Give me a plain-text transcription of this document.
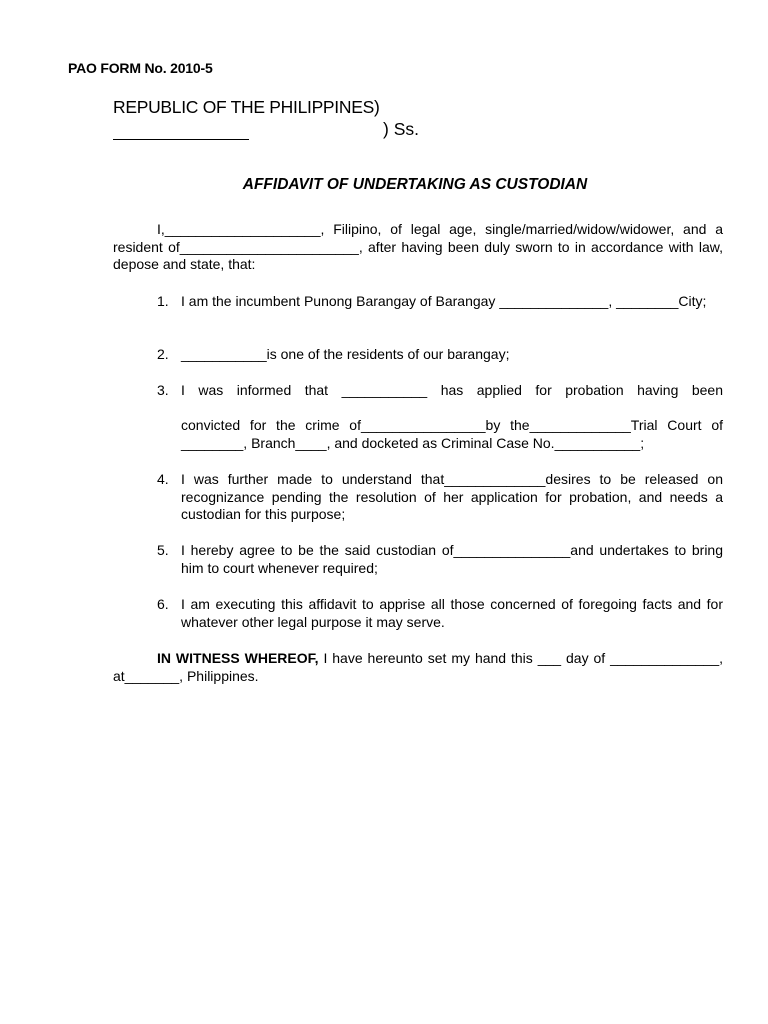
PAO FORM No. 2010-5
REPUBLIC OF THE PHILIPPINES)
) Ss.
AFFIDAVIT OF UNDERTAKING AS CUSTODIAN
I,____________________, Filipino, of legal age, single/married/widow/widower, and a resident of_______________________, after having been duly sworn to in accordance with law, depose and state, that:
1. I am the incumbent Punong Barangay of Barangay ______________, ________City;
2. ___________is one of the residents of our barangay;
3. I was informed that ___________ has applied for probation having been
convicted for the crime of________________by the_____________Trial Court of ________, Branch____, and docketed as Criminal Case No.___________;
4. I was further made to understand that_____________desires to be released on recognizance pending the resolution of her application for probation, and needs a custodian for this purpose;
5. I hereby agree to be the said custodian of_______________and undertakes to bring him to court whenever required;
6. I am executing this affidavit to apprise all those concerned of foregoing facts and for whatever other legal purpose it may serve.
IN WITNESS WHEREOF, I have hereunto set my hand this ___ day of ______________, at_______, Philippines.
